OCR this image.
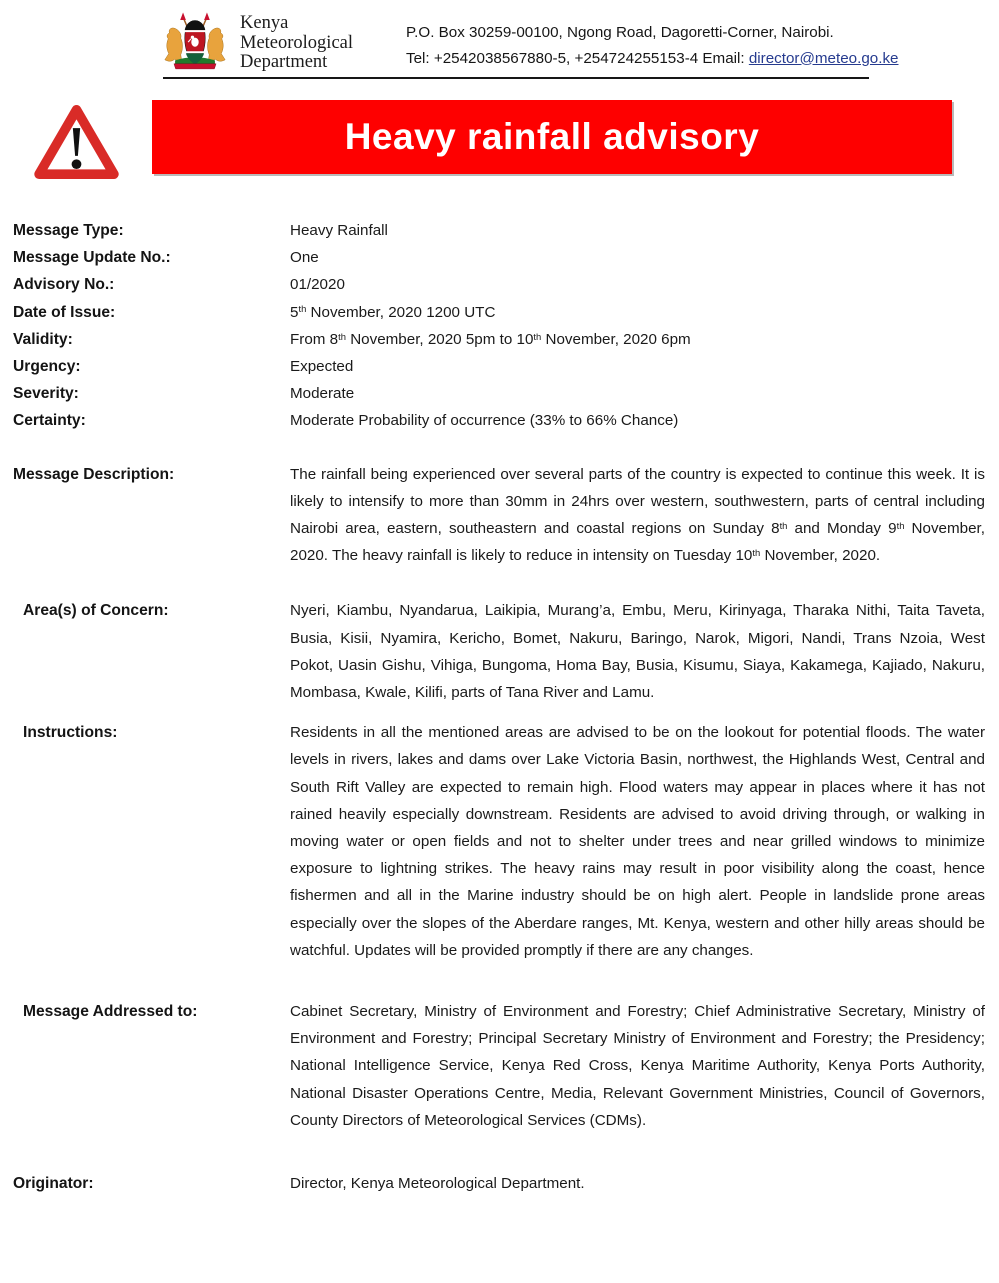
Kenya
Meteorological
Department
P.O. Box 30259-00100, Ngong Road, Dagoretti-Corner, Nairobi.
Tel: +2542038567880-5, +254724255153-4 Email: director@meteo.go.ke
Heavy rainfall advisory
Message Type:	Heavy Rainfall
Message Update No.:	One
Advisory No.:	01/2020
Date of Issue:	5th November, 2020 1200 UTC
Validity:	From 8th November, 2020 5pm to 10th November, 2020 6pm
Urgency:	Expected
Severity:	Moderate
Certainty:	Moderate Probability of occurrence (33% to 66% Chance)
Message Description:	The rainfall being experienced over several parts of the country is expected to continue this week. It is likely to intensify to more than 30mm in 24hrs over western, southwestern, parts of central including Nairobi area, eastern, southeastern and coastal regions on Sunday 8th and Monday 9th November, 2020. The heavy rainfall is likely to reduce in intensity on Tuesday 10th November, 2020.
Area(s) of Concern:	Nyeri, Kiambu, Nyandarua, Laikipia, Murang’a, Embu, Meru, Kirinyaga, Tharaka Nithi, Taita Taveta, Busia, Kisii, Nyamira, Kericho, Bomet, Nakuru, Baringo, Narok, Migori, Nandi, Trans Nzoia, West Pokot, Uasin Gishu, Vihiga, Bungoma, Homa Bay, Busia, Kisumu, Siaya, Kakamega, Kajiado, Nakuru, Mombasa, Kwale, Kilifi, parts of Tana River and Lamu.
Instructions:	Residents in all the mentioned areas are advised to be on the lookout for potential floods. The water levels in rivers, lakes and dams over Lake Victoria Basin, northwest, the Highlands West, Central and South Rift Valley are expected to remain high. Flood waters may appear in places where it has not rained heavily especially downstream. Residents are advised to avoid driving through, or walking in moving water or open fields and not to shelter under trees and near grilled windows to minimize exposure to lightning strikes. The heavy rains may result in poor visibility along the coast, hence fishermen and all in the Marine industry should be on high alert. People in landslide prone areas especially over the slopes of the Aberdare ranges, Mt. Kenya, western and other hilly areas should be watchful. Updates will be provided promptly if there are any changes.
Message Addressed to:	Cabinet Secretary, Ministry of Environment and Forestry; Chief Administrative Secretary, Ministry of Environment and Forestry; Principal Secretary Ministry of Environment and Forestry; the Presidency; National Intelligence Service, Kenya Red Cross, Kenya Maritime Authority, Kenya Ports Authority, National Disaster Operations Centre, Media, Relevant Government Ministries, Council of Governors, County Directors of Meteorological Services (CDMs).
Originator:	Director, Kenya Meteorological Department.
